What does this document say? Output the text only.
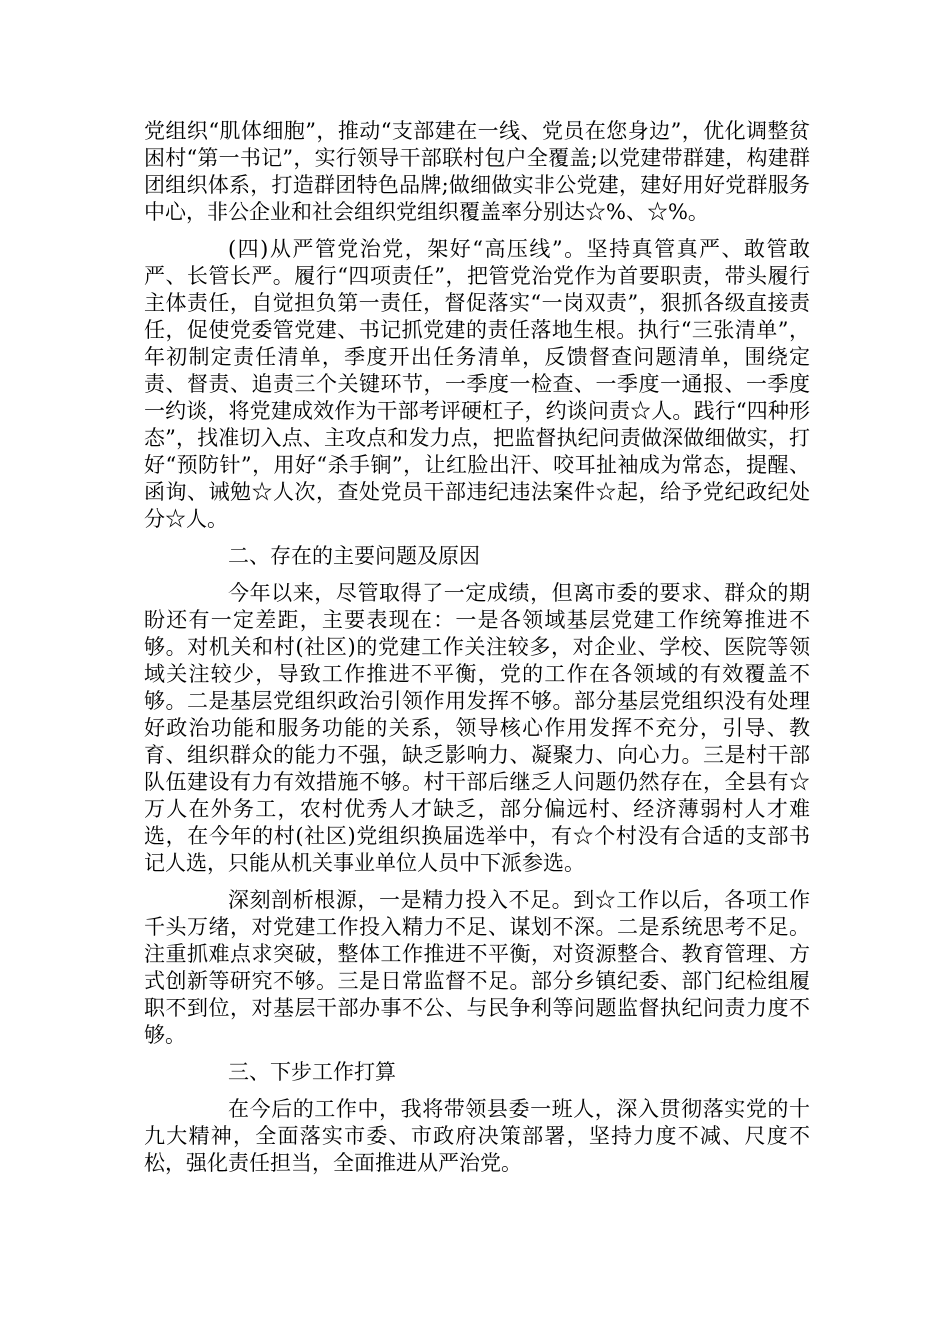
党组织“肌体细胞”，推动“支部建在一线、党员在您身边”，优化调整贫困村“第一书记”，实行领导干部联村包户全覆盖;以党建带群建，构建群团组织体系，打造群团特色品牌;做细做实非公党建，建好用好党群服务中心，非公企业和社会组织党组织覆盖率分别达☆%、☆%。

(四)从严管党治党，架好“高压线”。坚持真管真严、敢管敢严、长管长严。履行“四项责任”，把管党治党作为首要职责，带头履行主体责任，自觉担负第一责任，督促落实“一岗双责”，狠抓各级直接责任，促使党委管党建、书记抓党建的责任落地生根。执行“三张清单”，年初制定责任清单，季度开出任务清单，反馈督查问题清单，围绕定责、督责、追责三个关键环节，一季度一检查、一季度一通报、一季度一约谈，将党建成效作为干部考评硬杠子，约谈问责☆人。践行“四种形态”，找准切入点、主攻点和发力点，把监督执纪问责做深做细做实，打好“预防针”，用好“杀手锏”，让红脸出汗、咬耳扯袖成为常态，提醒、函询、诫勉☆人次，查处党员干部违纪违法案件☆起，给予党纪政纪处分☆人。

二、存在的主要问题及原因

今年以来，尽管取得了一定成绩，但离市委的要求、群众的期盼还有一定差距，主要表现在：一是各领域基层党建工作统筹推进不够。对机关和村(社区)的党建工作关注较多，对企业、学校、医院等领域关注较少，导致工作推进不平衡，党的工作在各领域的有效覆盖不够。二是基层党组织政治引领作用发挥不够。部分基层党组织没有处理好政治功能和服务功能的关系，领导核心作用发挥不充分，引导、教育、组织群众的能力不强，缺乏影响力、凝聚力、向心力。三是村干部队伍建设有力有效措施不够。村干部后继乏人问题仍然存在，全县有☆万人在外务工，农村优秀人才缺乏，部分偏远村、经济薄弱村人才难选，在今年的村(社区)党组织换届选举中，有☆个村没有合适的支部书记人选，只能从机关事业单位人员中下派参选。

深刻剖析根源，一是精力投入不足。到☆工作以后，各项工作千头万绪，对党建工作投入精力不足、谋划不深。二是系统思考不足。注重抓难点求突破，整体工作推进不平衡，对资源整合、教育管理、方式创新等研究不够。三是日常监督不足。部分乡镇纪委、部门纪检组履职不到位，对基层干部办事不公、与民争利等问题监督执纪问责力度不够。

三、下步工作打算

在今后的工作中，我将带领县委一班人，深入贯彻落实党的十九大精神，全面落实市委、市政府决策部署，坚持力度不减、尺度不松，强化责任担当，全面推进从严治党。
